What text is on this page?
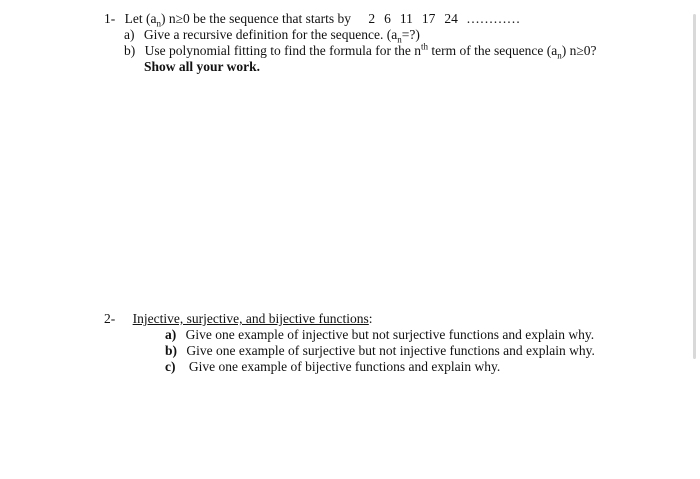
1- Let $(a_n)$ n≥0 be the sequence that starts by 2 6 11 17 24 …………
a) Give a recursive definition for the sequence. $(a_n=?)$
b) Use polynomial fitting to find the formula for the $n^{th}$ term of the sequence $(a_n)$ n≥0?
Show all your work.
2- Injective, surjective, and bijective functions:
a) Give one example of injective but not surjective functions and explain why.
b) Give one example of surjective but not injective functions and explain why.
c) Give one example of bijective functions and explain why.
